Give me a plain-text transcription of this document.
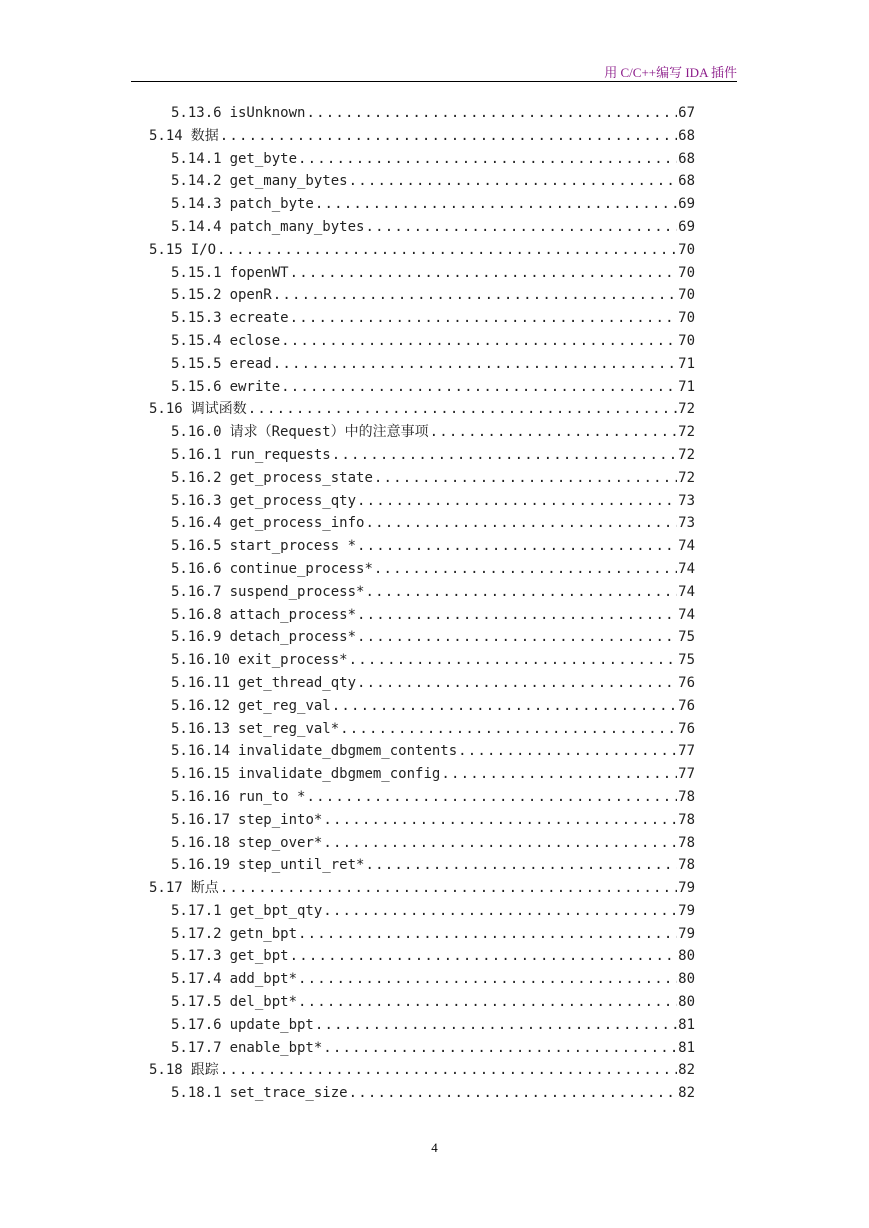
用 C/C++编写 IDA 插件
5.13.6 isUnknown .....	67
5.14 数据 .....	68
5.14.1 get_byte .....	68
5.14.2 get_many_bytes .....	68
5.14.3 patch_byte .....	69
5.14.4 patch_many_bytes .....	69
5.15 I/O .....	70
5.15.1 fopenWT .....	70
5.15.2 openR .....	70
5.15.3 ecreate .....	70
5.15.4 eclose .....	70
5.15.5 eread .....	71
5.15.6 ewrite .....	71
5.16 调试函数 .....	72
5.16.0 请求（Request）中的注意事项 .....	72
5.16.1 run_requests .....	72
5.16.2 get_process_state .....	72
5.16.3 get_process_qty .....	73
5.16.4 get_process_info .....	73
5.16.5 start_process * .....	74
5.16.6 continue_process* .....	74
5.16.7 suspend_process* .....	74
5.16.8 attach_process* .....	74
5.16.9 detach_process* .....	75
5.16.10 exit_process* .....	75
5.16.11 get_thread_qty .....	76
5.16.12 get_reg_val .....	76
5.16.13 set_reg_val* .....	76
5.16.14 invalidate_dbgmem_contents .....	77
5.16.15 invalidate_dbgmem_config .....	77
5.16.16 run_to * .....	78
5.16.17 step_into* .....	78
5.16.18 step_over* .....	78
5.16.19 step_until_ret* .....	78
5.17 断点 .....	79
5.17.1 get_bpt_qty .....	79
5.17.2 getn_bpt .....	79
5.17.3 get_bpt .....	80
5.17.4 add_bpt* .....	80
5.17.5 del_bpt* .....	80
5.17.6 update_bpt .....	81
5.17.7 enable_bpt* .....	81
5.18 跟踪 .....	82
5.18.1 set_trace_size .....	82
4
